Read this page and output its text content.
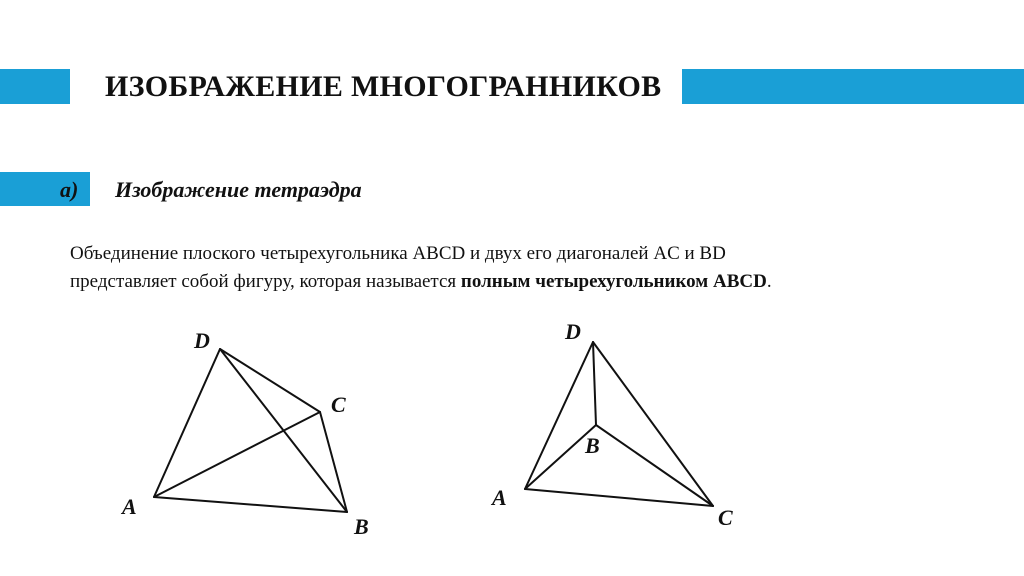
ИЗОБРАЖЕНИЕ МНОГОГРАННИКОВ
а) Изображение тетраэдра
Объединение плоского четырехугольника ABCD и двух его диагоналей AC и BD представляет собой фигуру, которая называется полным четырехугольником ABCD.
D
C
A
B
D
B
A
C
